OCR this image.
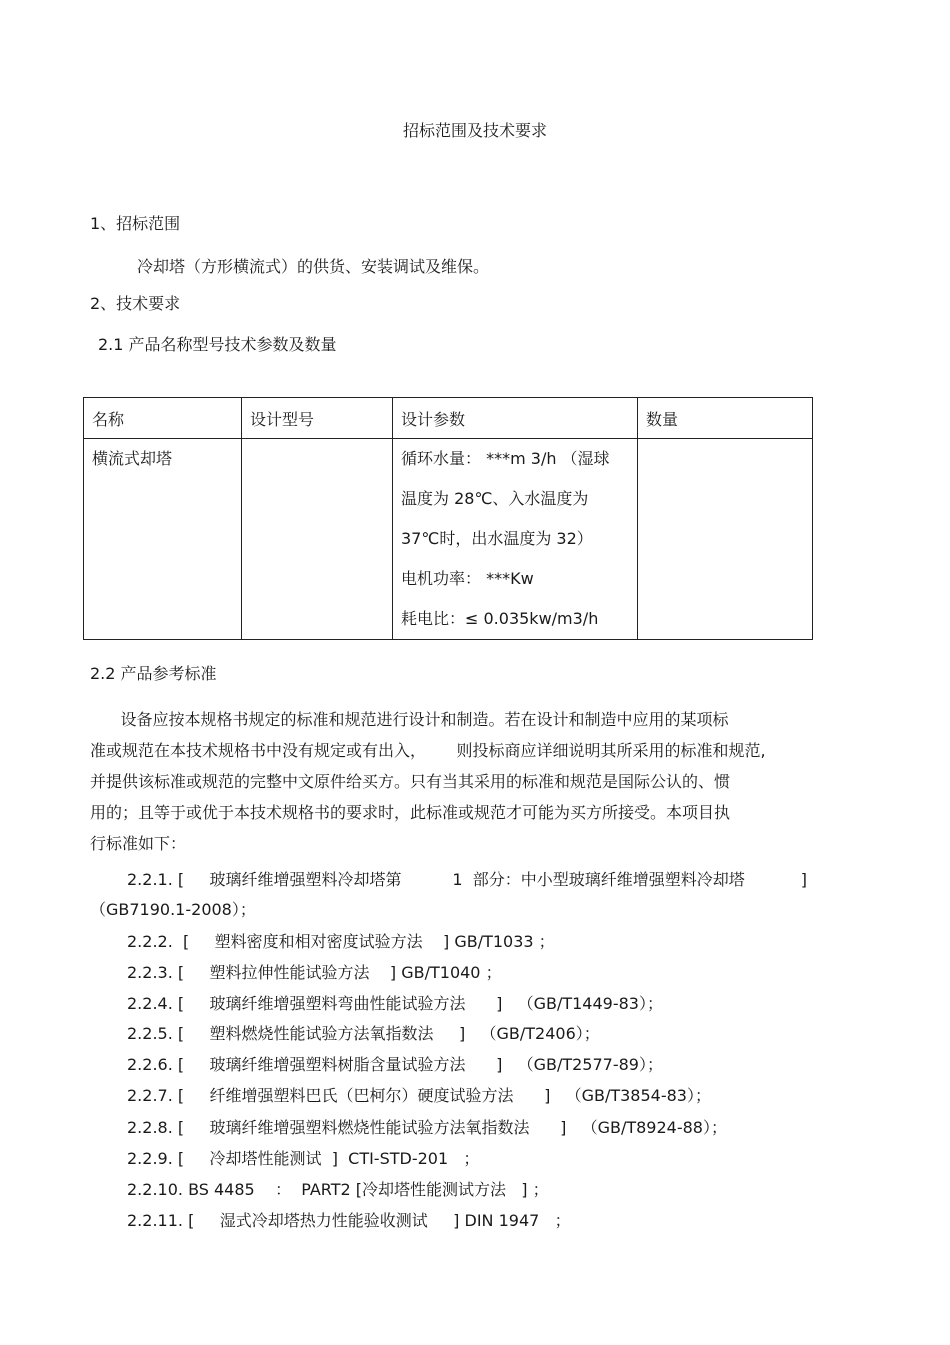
招标范围及技术要求
1、招标范围
冷却塔（方形横流式）的供货、安装调试及维保。
2、技术要求
2.1 产品名称型号技术参数及数量
名称	设计型号	设计参数	数量

横流式却塔		循环水量： ***m 3/h （湿球
温度为 28℃、入水温度为
37℃时，出水温度为 32）
电机功率： ***Kw
耗电比：≤ 0.035kw/m3/h	

2.2 产品参考标准
设备应按本规格书规定的标准和规范进行设计和制造。若在设计和制造中应用的某项标
准或规范在本技术规格书中没有规定或有出入，      则投标商应详细说明其所采用的标准和规范,
并提供该标准或规范的完整中文原件给买方。只有当其采用的标准和规范是国际公认的、惯
用的；且等于或优于本技术规格书的要求时，此标准或规范才可能为买方所接受。本项目执
行标准如下：
2.2.1. [     玻璃纤维增强塑料冷却塔第          1  部分：中小型玻璃纤维增强塑料冷却塔           ]
（GB7190.1-2008）；
2.2.2.  [     塑料密度和相对密度试验方法    ] GB/T1033 ；
2.2.3. [     塑料拉伸性能试验方法    ] GB/T1040 ；
2.2.4. [     玻璃纤维增强塑料弯曲性能试验方法      ]   （GB/T1449-83）；
2.2.5. [     塑料燃烧性能试验方法氧指数法     ]   （GB/T2406）；
2.2.6. [     玻璃纤维增强塑料树脂含量试验方法      ]   （GB/T2577-89）；
2.2.7. [     纤维增强塑料巴氏（巴柯尔）硬度试验方法      ]   （GB/T3854-83）；
2.2.8. [     玻璃纤维增强塑料燃烧性能试验方法氧指数法      ]   （GB/T8924-88）；
2.2.9. [     冷却塔性能测试  ]  CTI-STD-201   ；
2.2.10. BS 4485    ：  PART2 [冷却塔性能测试方法   ] ；
2.2.11. [     湿式冷却塔热力性能验收测试     ] DIN 1947   ；
